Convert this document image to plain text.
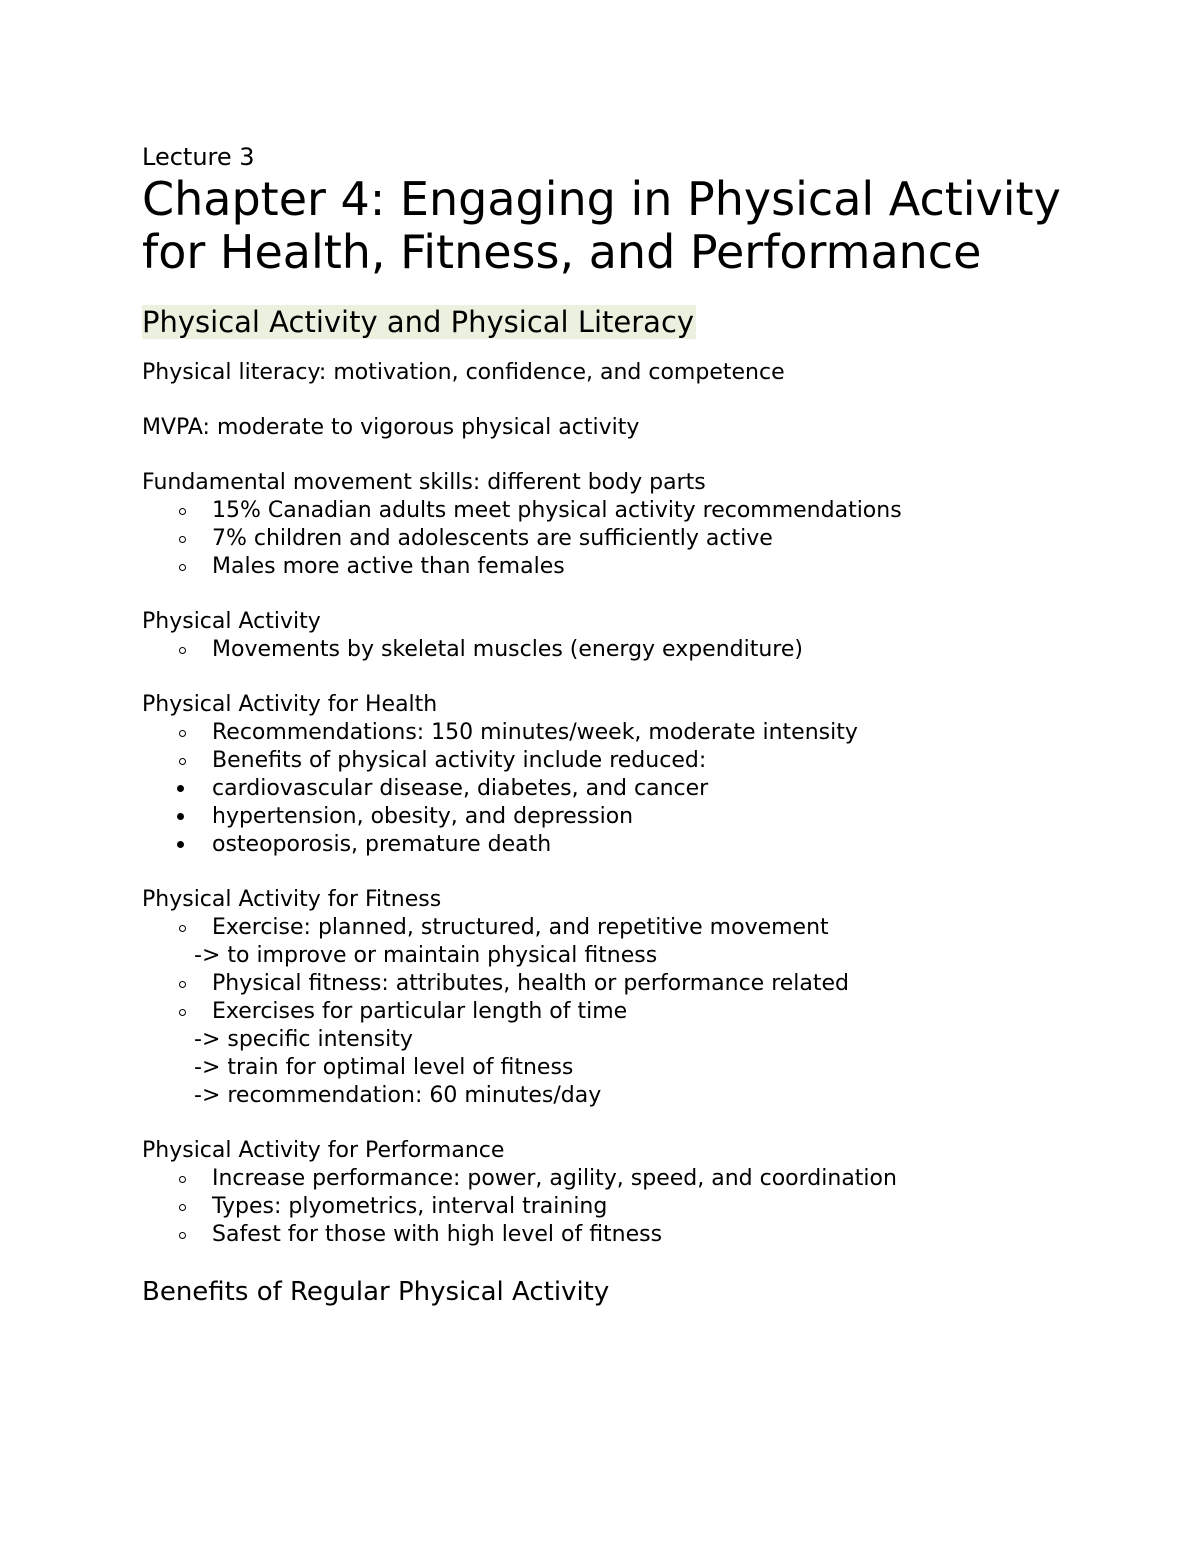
Lecture 3

Chapter 4: Engaging in Physical Activity for Health, Fitness, and Performance
Physical Activity and Physical Literacy

Physical literacy: motivation, confidence, and competence

MVPA: moderate to vigorous physical activity

Fundamental movement skills: different body parts

15% Canadian adults meet physical activity recommendations
7% children and adolescents are sufficiently active
Males more active than females

Physical Activity

Movements by skeletal muscles (energy expenditure)

Physical Activity for Health

Recommendations: 150 minutes/week, moderate intensity
Benefits of physical activity include reduced:
cardiovascular disease, diabetes, and cancer
hypertension, obesity, and depression
osteoporosis, premature death

Physical Activity for Fitness

Exercise: planned, structured, and repetitive movement

-> to improve or maintain physical fitness

Physical fitness: attributes, health or performance related
Exercises for particular length of time

-> specific intensity

-> train for optimal level of fitness

-> recommendation: 60 minutes/day

Physical Activity for Performance

Increase performance: power, agility, speed, and coordination
Types: plyometrics, interval training
Safest for those with high level of fitness
Benefits of Regular Physical Activity
